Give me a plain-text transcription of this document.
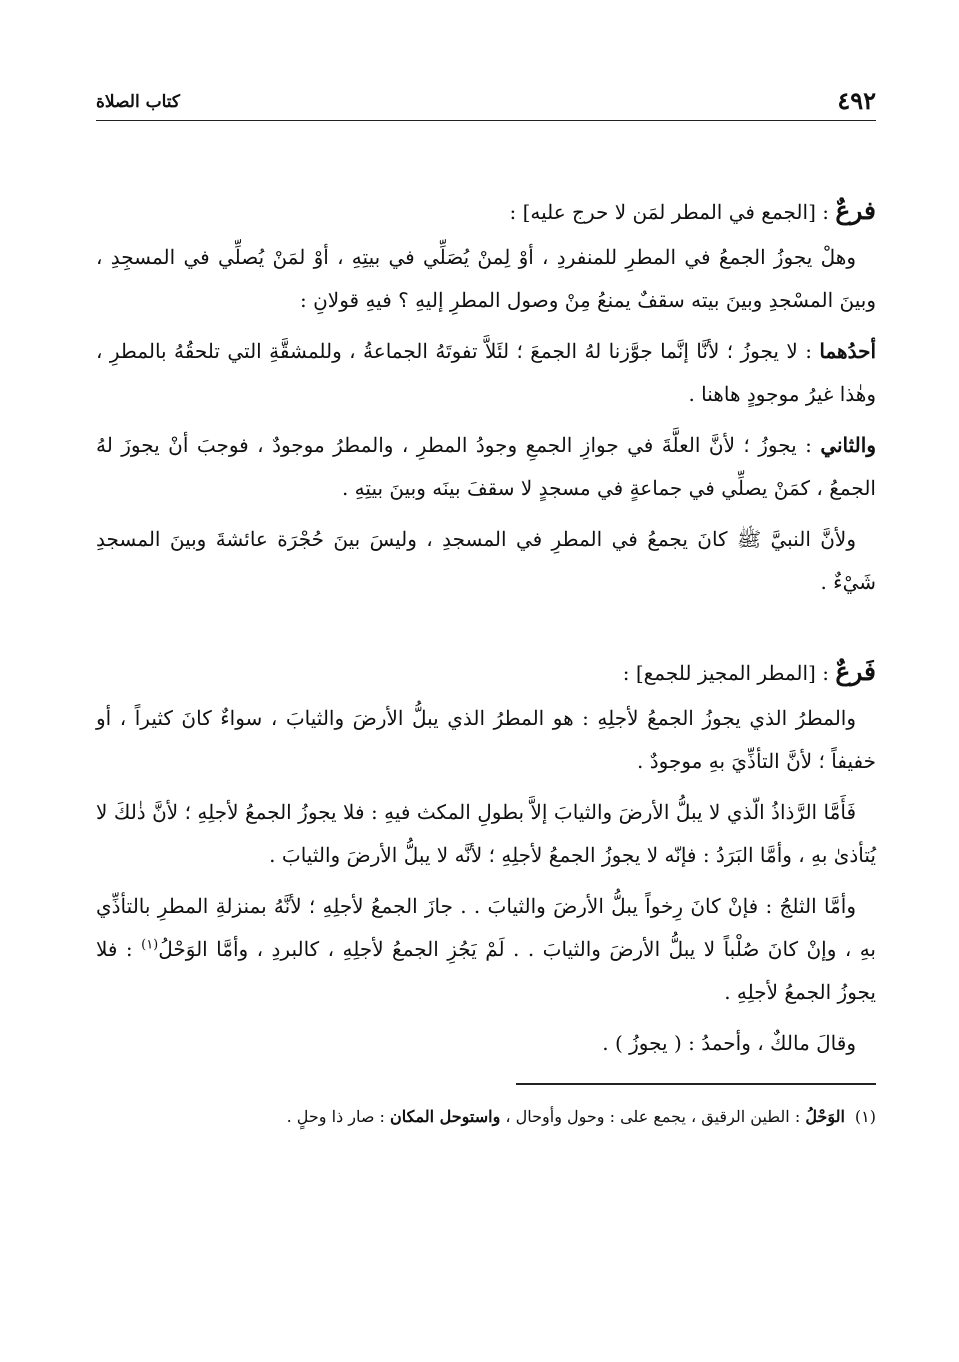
٤٩٢
كتاب الصلاة

فرعٌ : [الجمع في المطر لمَن لا حرج عليه] :

وهلْ يجوزُ الجمعُ في المطرِ للمنفردِ ، أوْ لِمنْ يُصَلِّي في بيتِهِ ، أوْ لمَنْ يُصلِّي في المسجِدِ ، وبينَ المسْجدِ وبينَ بيته سقفٌ يمنعُ مِنْ وصول المطرِ إليهِ ؟ فيهِ قولانِ :

أحدُهما : لا يجوزُ ؛ لأنَّا إنَّما جوَّزنا لهُ الجمعَ ؛ لئَلاَّ تفوتَهُ الجماعةُ ، وللمشقَّةِ التي تلحقُهُ بالمطرِ ، وهٰذا غيرُ موجودٍ هاهنا .

والثاني : يجوزُ ؛ لأنَّ العلَّةَ في جوازِ الجمعِ وجودُ المطرِ ، والمطرُ موجودٌ ، فوجبَ أنْ يجوزَ لهُ الجمعُ ، كمَنْ يصلِّي في جماعةٍ في مسجدٍ لا سقفَ بينَه وبينَ بيتِهِ .

ولأنَّ النبيَّ ﷺ كانَ يجمعُ في المطرِ في المسجدِ ، وليسَ بينَ حُجْرَة عائشةَ وبينَ المسجدِ شَيْءٌ .

فَرعٌ : [المطر المجيز للجمع] :

والمطرُ الذي يجوزُ الجمعُ لأجلِهِ : هو المطرُ الذي يبلُّ الأرضَ والثيابَ ، سواءٌ كانَ كثيراً ، أو خفيفاً ؛ لأنَّ التأذِّيَ بهِ موجودٌ .

فَأَمَّا الرَّذاذُ الّذي لا يبلُّ الأرضَ والثيابَ إلاَّ بطولِ المكث فيهِ : فلا يجوزُ الجمعُ لأجلِهِ ؛ لأنَّ ذٰلكَ لا يُتأذىٰ بهِ ، وأمَّا البَرَدُ : فإنّه لا يجوزُ الجمعُ لأجلِهِ ؛ لأنَّه لا يبلُّ الأرضَ والثيابَ .

وأمَّا الثلجُ : فإنْ كانَ رِخواً يبلُّ الأرضَ والثيابَ . . جازَ الجمعُ لأجلِهِ ؛ لأنَّهُ بمنزلةِ المطرِ بالتأذِّي بهِ ، وإنْ كانَ صُلْباً لا يبلُّ الأرضَ والثيابَ . . لَمْ يَجُزِ الجمعُ لأجلِهِ ، كالبردِ ، وأمَّا الوَحْلُ$^{(١)}$ : فلا يجوزُ الجمعُ لأجلِهِ .

وقالَ مالكٌ ، وأحمدُ : ( يجوزُ ) .

(١)الوَحْلُ : الطين الرقيق ، يجمع على : وحول وأوحال ، واستوحل المكان : صار ذا وحلٍ .
